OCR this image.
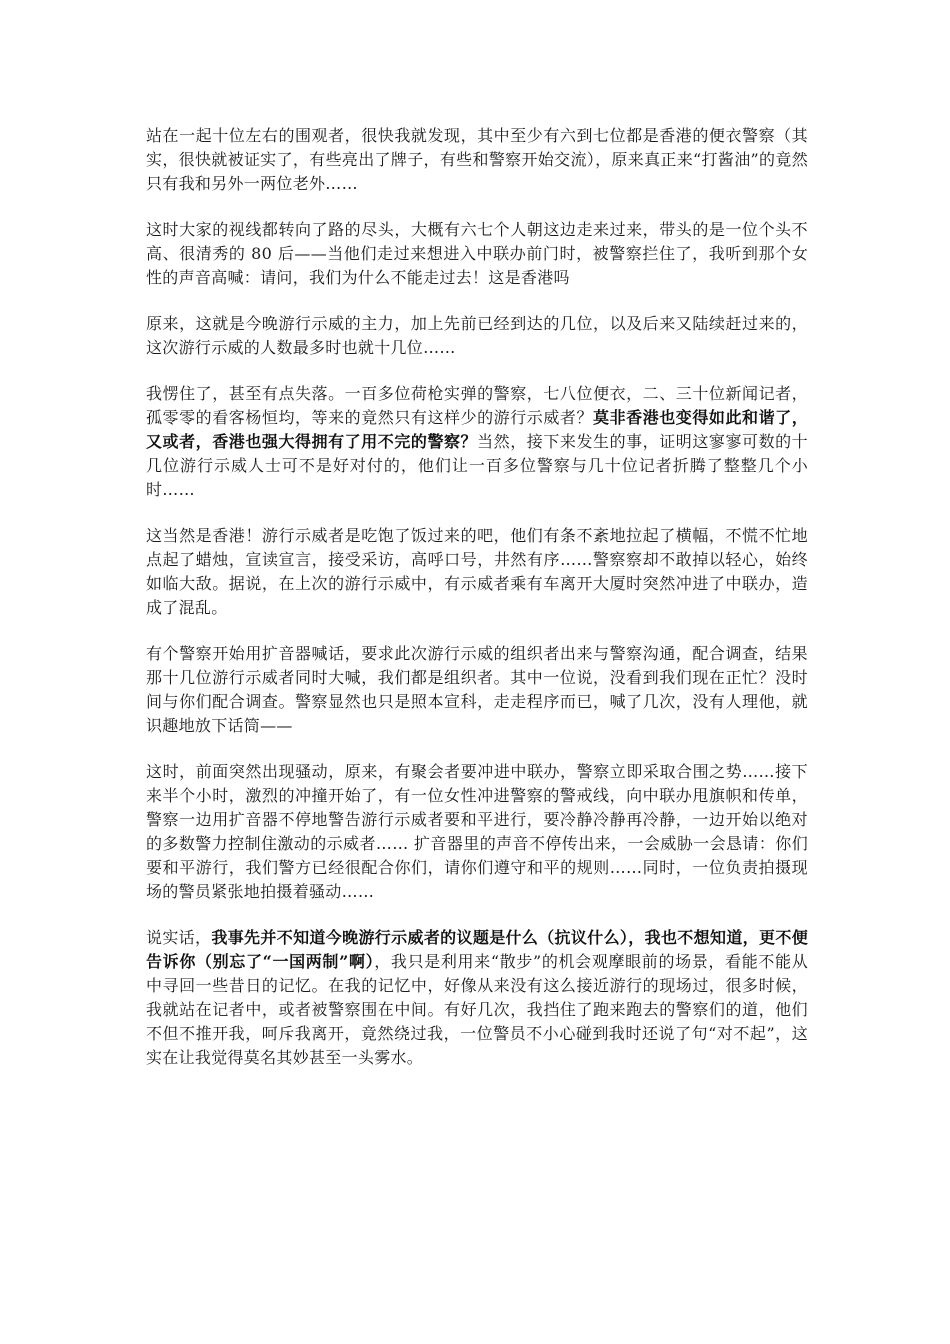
站在一起十位左右的围观者，很快我就发现，其中至少有六到七位都是香港的便衣警察（其实，很快就被证实了，有些亮出了牌子，有些和警察开始交流），原来真正来“打酱油”的竟然只有我和另外一两位老外……

这时大家的视线都转向了路的尽头，大概有六七个人朝这边走来过来，带头的是一位个头不高、很清秀的 80 后——当他们走过来想进入中联办前门时，被警察拦住了，我听到那个女性的声音高喊：请问，我们为什么不能走过去！这是香港吗

原来，这就是今晚游行示威的主力，加上先前已经到达的几位，以及后来又陆续赶过来的，这次游行示威的人数最多时也就十几位……

我愣住了，甚至有点失落。一百多位荷枪实弹的警察，七八位便衣，二、三十位新闻记者，孤零零的看客杨恒均，等来的竟然只有这样少的游行示威者？莫非香港也变得如此和谐了，又或者，香港也强大得拥有了用不完的警察？当然，接下来发生的事，证明这寥寥可数的十几位游行示威人士可不是好对付的，他们让一百多位警察与几十位记者折腾了整整几个小时……

这当然是香港！游行示威者是吃饱了饭过来的吧，他们有条不紊地拉起了横幅，不慌不忙地点起了蜡烛，宣读宣言，接受采访，高呼口号，井然有序……警察察却不敢掉以轻心，始终如临大敌。据说，在上次的游行示威中，有示威者乘有车离开大厦时突然冲进了中联办，造成了混乱。

有个警察开始用扩音器喊话，要求此次游行示威的组织者出来与警察沟通，配合调查，结果那十几位游行示威者同时大喊，我们都是组织者。其中一位说，没看到我们现在正忙？没时间与你们配合调查。警察显然也只是照本宣科，走走程序而已，喊了几次，没有人理他，就识趣地放下话筒——

这时，前面突然出现骚动，原来，有聚会者要冲进中联办，警察立即采取合围之势……接下来半个小时，激烈的冲撞开始了，有一位女性冲进警察的警戒线，向中联办甩旗帜和传单，警察一边用扩音器不停地警告游行示威者要和平进行，要冷静冷静再冷静，一边开始以绝对的多数警力控制住激动的示威者…… 扩音器里的声音不停传出来，一会威胁一会恳请：你们要和平游行，我们警方已经很配合你们，请你们遵守和平的规则……同时，一位负责拍摄现场的警员紧张地拍摄着骚动……

说实话，我事先并不知道今晚游行示威者的议题是什么（抗议什么），我也不想知道，更不便告诉你（别忘了“一国两制”啊），我只是利用来“散步”的机会观摩眼前的场景，看能不能从中寻回一些昔日的记忆。在我的记忆中，好像从来没有这么接近游行的现场过，很多时候，我就站在记者中，或者被警察围在中间。有好几次，我挡住了跑来跑去的警察们的道，他们不但不推开我，呵斥我离开，竟然绕过我，一位警员不小心碰到我时还说了句“对不起”，这实在让我觉得莫名其妙甚至一头雾水。
